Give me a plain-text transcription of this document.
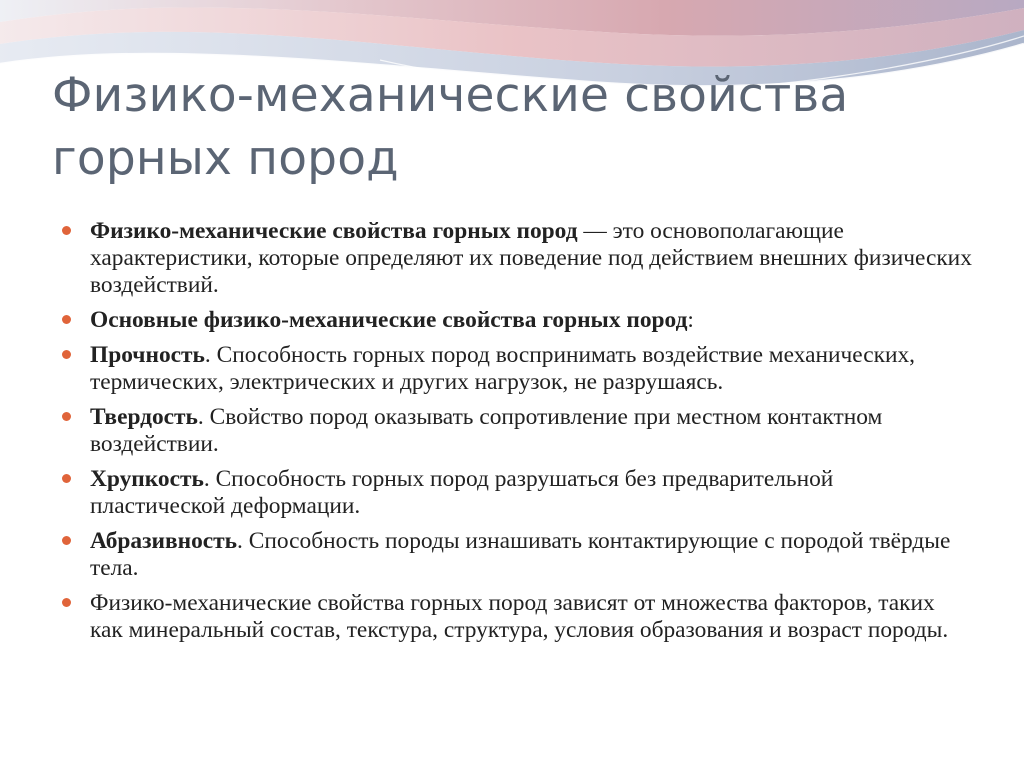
Физико-механические свойства горных пород
Физико-механические свойства горных пород — это основополагающие характеристики, которые определяют их поведение под действием внешних физических воздействий.
Основные физико-механические свойства горных пород:
Прочность. Способность горных пород воспринимать воздействие механических, термических, электрических и других нагрузок, не разрушаясь.
Твердость. Свойство пород оказывать сопротивление при местном контактном воздействии.
Хрупкость. Способность горных пород разрушаться без предварительной пластической деформации.
Абразивность. Способность породы изнашивать контактирующие с породой твёрдые тела.
Физико-механические свойства горных пород зависят от множества факторов, таких как минеральный состав, текстура, структура, условия образования и возраст породы.
